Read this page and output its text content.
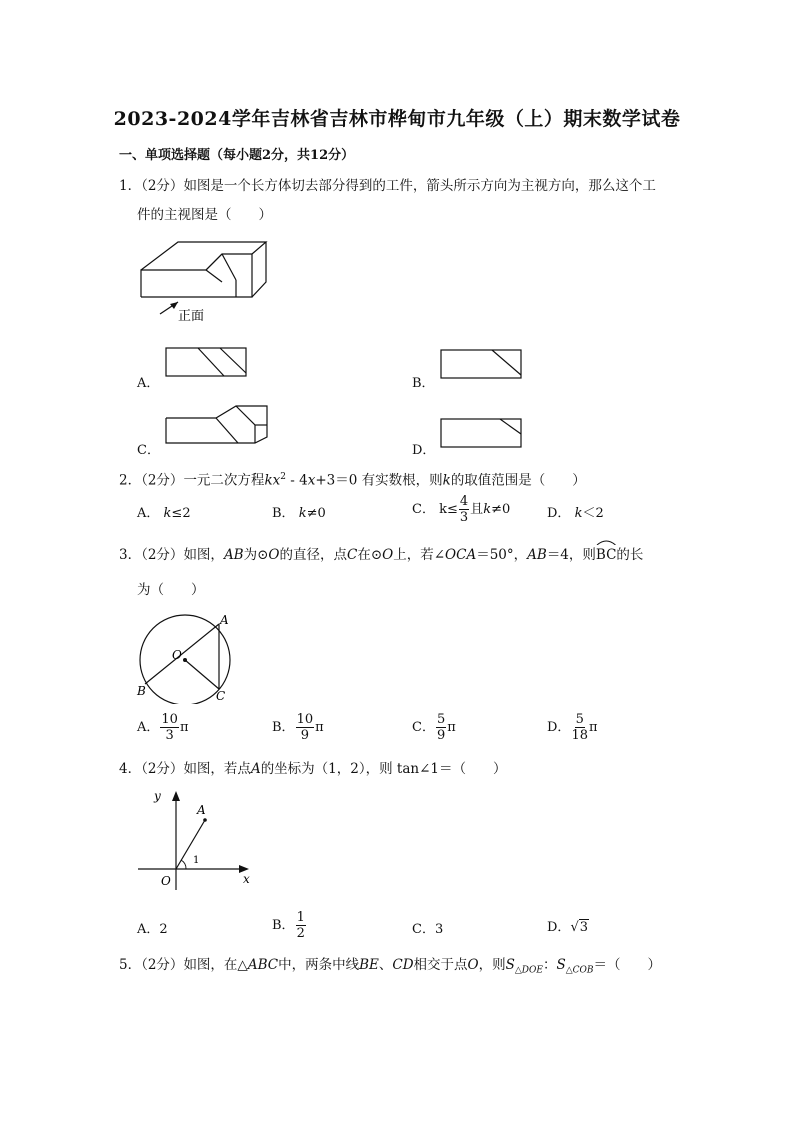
2023-2024学年吉林省吉林市桦甸市九年级（上）期末数学试卷
一、单项选择题（每小题2分，共12分）
1．（2分）如图是一个长方体切去部分得到的工件，箭头所示方向为主视方向，那么这个工
件的主视图是（　　）
正面
A．	B．
C．	D．
2．（2分）一元二次方程$kx^2 - 4x+3=0$ 有实数根，则k的取值范围是（　　）
A． k≤2	B． k≠0	C． $k\le \frac{4}{3}$ 且k≠0	D． k＜2
3．（2分）如图，AB为⊙O的直径，点C在⊙O上，若∠OCA＝50°，AB＝4，则
BC的长
为（　　）
A
B	C
O
A． $\frac{10}{3}$ π	B． $\frac{10}{9}$ π	C． $\frac{5}{9}$ π	D． $\frac{5}{18}$ π
4．（2分）如图，若点A的坐标为（1，2），则 tan∠1＝（　　）
y
x
O
A
1
A．2	B． $\frac{1}{2}$	C．3	D．√3
5．（2分）如图，在△ABC中，两条中线BE、CD相交于点O，则$S_{\triangle DOE}$：$S_{\triangle COB}=$（　　）
